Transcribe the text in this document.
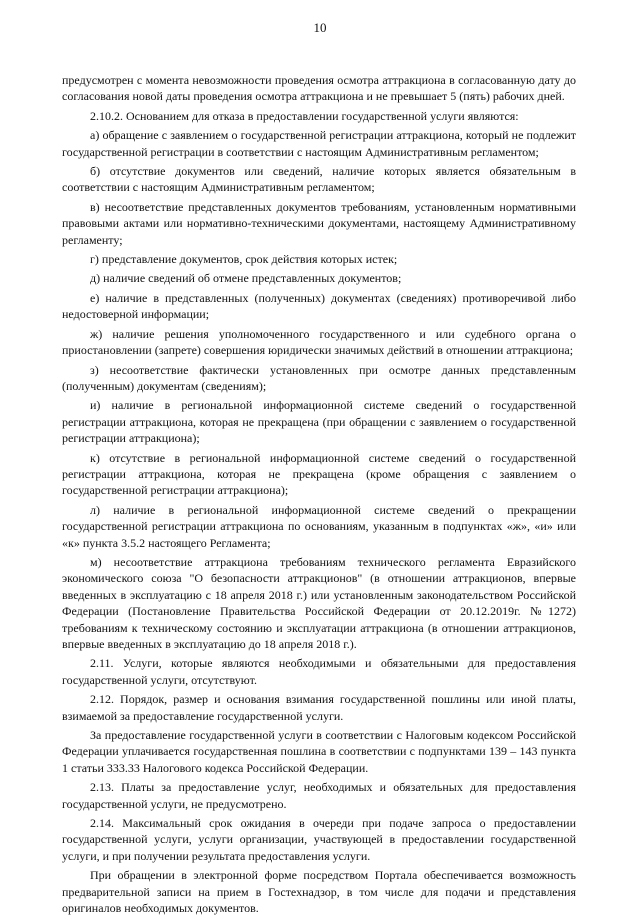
10

предусмотрен с момента невозможности проведения осмотра аттракциона в согласованную дату до согласования новой даты проведения осмотра аттракциона и не превышает 5 (пять) рабочих дней.

2.10.2. Основанием для отказа в предоставлении государственной услуги являются:

а) обращение с заявлением о государственной регистрации аттракциона, который не подлежит государственной регистрации в соответствии с настоящим Административным регламентом;

б) отсутствие документов или сведений, наличие которых является обязательным в соответствии с настоящим Административным регламентом;

в) несоответствие представленных документов требованиям, установленным нормативными правовыми актами или нормативно-техническими документами, настоящему Административному регламенту;

г) представление документов, срок действия которых истек;

д) наличие сведений об отмене представленных документов;

е) наличие в представленных (полученных) документах (сведениях) противоречивой либо недостоверной информации;

ж) наличие решения уполномоченного государственного и или судебного органа о приостановлении (запрете) совершения юридически значимых действий в отношении аттракциона;

з) несоответствие фактически установленных при осмотре данных представленным (полученным) документам (сведениям);

и) наличие в региональной информационной системе сведений о государственной регистрации аттракциона, которая не прекращена (при обращении с заявлением о государственной регистрации аттракциона);

к) отсутствие в региональной информационной системе сведений о государственной регистрации аттракциона, которая не прекращена (кроме обращения с заявлением о государственной регистрации аттракциона);

л) наличие в региональной информационной системе сведений о прекращении государственной регистрации аттракциона по основаниям, указанным в подпунктах «ж», «и» или «к» пункта 3.5.2 настоящего Регламента;

м) несоответствие аттракциона требованиям технического регламента Евразийского экономического союза "О безопасности аттракционов" (в отношении аттракционов, впервые введенных в эксплуатацию с 18 апреля 2018 г.) или установленным законодательством Российской Федерации (Постановление Правительства Российской Федерации от 20.12.2019г. №1272) требованиям к техническому состоянию и эксплуатации аттракциона (в отношении аттракционов, впервые введенных в эксплуатацию до 18 апреля 2018 г.).

2.11. Услуги, которые являются необходимыми и обязательными для предоставления государственной услуги, отсутствуют.

2.12. Порядок, размер и основания взимания государственной пошлины или иной платы, взимаемой за предоставление государственной услуги.

За предоставление государственной услуги в соответствии с Налоговым кодексом Российской Федерации уплачивается государственная пошлина в соответствии с подпунктами 139 – 143 пункта 1 статьи 333.33 Налогового кодекса Российской Федерации.

2.13. Платы за предоставление услуг, необходимых и обязательных для предоставления государственной услуги, не предусмотрено.

2.14. Максимальный срок ожидания в очереди при подаче запроса о предоставлении государственной услуги, услуги организации, участвующей в предоставлении государственной услуги, и при получении результата предоставления услуги.

При обращении в электронной форме посредством Портала обеспечивается возможность предварительной записи на прием в Гостехнадзор, в том числе для подачи и представления оригиналов необходимых документов.
